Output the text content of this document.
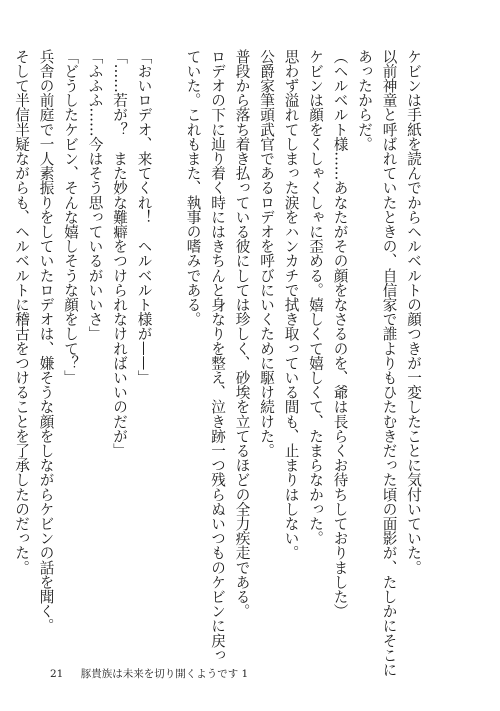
ケビンは手紙を読んでからヘルベルトの顔つきが一変したことに気付いていた。
以前神童と呼ばれていたときの、自信家で誰よりもひたむきだった頃の面影が、たしかにそこに
あったからだ。
（ヘルベルト様……あなたがその顔をなさるのを、爺は長らくお待ちしておりました）
ケビンは顔をくしゃくしゃに歪める。嬉しくて嬉しくて、たまらなかった。
思わず溢れてしまった涙をハンカチで拭き取っている間も、止まりはしない。
公爵家筆頭武官であるロデオを呼びにいくために駆け続けた。
普段から落ち着き払っている彼にしては珍しく、砂埃を立てるほどの全力疾走である。
ロデオの下に辿り着く時にはきちんと身なりを整え、泣き跡一つ残らぬいつものケビンに戻っ
ていた。これもまた、執事の嗜みである。
「おいロデオ、来てくれ！　ヘルベルト様が——」
「……若が？　また妙な難癖をつけられなければいいのだが」
「ふふふ……今はそう思っているがいいさ」
「どうしたケビン、そんな嬉しそうな顔をして？」
兵舎の前庭で一人素振りをしていたロデオは、嫌そうな顔をしながらケビンの話を聞く。
そして半信半疑ながらも、ヘルベルトに稽古をつけることを了承したのだった。
21 豚貴族は未来を切り開くようです 1
